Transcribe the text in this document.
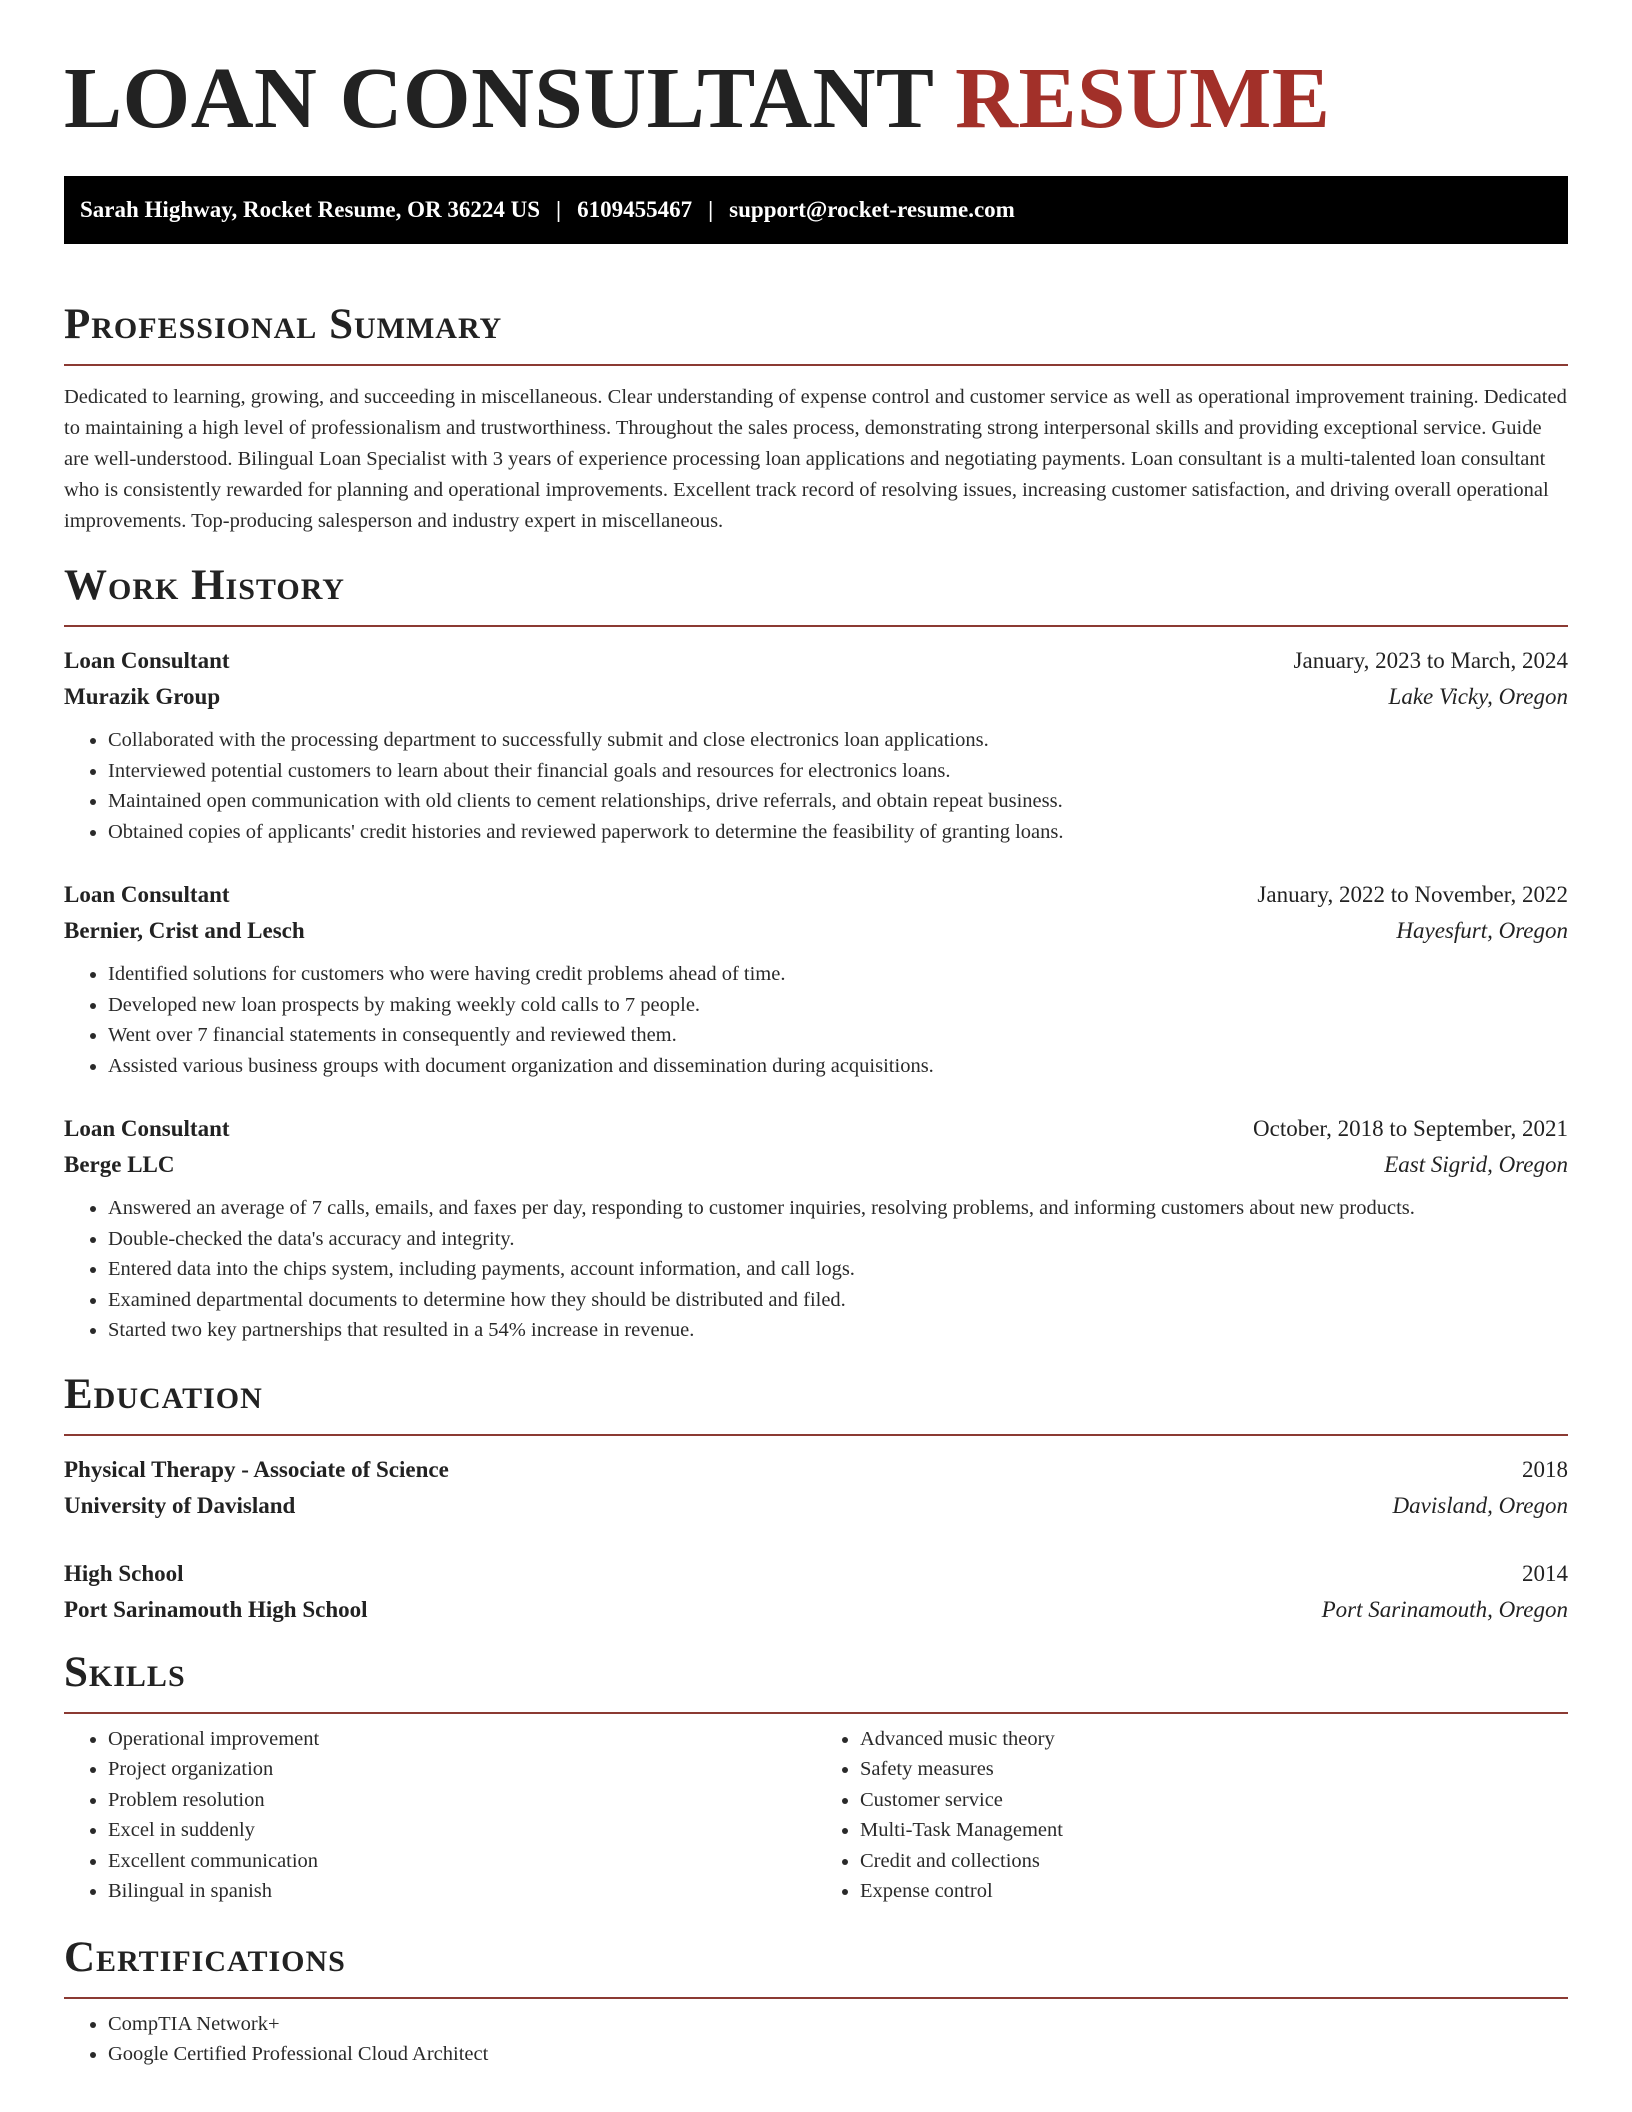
LOAN CONSULTANT RESUME
Sarah Highway, Rocket Resume, OR 36224 US | 6109455467 | support@rocket-resume.com
Professional Summary

Dedicated to learning, growing, and succeeding in miscellaneous. Clear understanding of expense control and customer service as well as operational improvement training. Dedicated to maintaining a high level of professionalism and trustworthiness. Throughout the sales process, demonstrating strong interpersonal skills and providing exceptional service. Guide are well-understood. Bilingual Loan Specialist with 3 years of experience processing loan applications and negotiating payments. Loan consultant is a multi-talented loan consultant who is consistently rewarded for planning and operational improvements. Excellent track record of resolving issues, increasing customer satisfaction, and driving overall operational improvements. Top-producing salesperson and industry expert in miscellaneous.

Work History
Loan Consultant	January, 2023 to March, 2024
Murazik Group	Lake Vicky, Oregon
• Collaborated with the processing department to successfully submit and close electronics loan applications.
• Interviewed potential customers to learn about their financial goals and resources for electronics loans.
• Maintained open communication with old clients to cement relationships, drive referrals, and obtain repeat business.
• Obtained copies of applicants' credit histories and reviewed paperwork to determine the feasibility of granting loans.
Loan Consultant	January, 2022 to November, 2022
Bernier, Crist and Lesch	Hayesfurt, Oregon
• Identified solutions for customers who were having credit problems ahead of time.
• Developed new loan prospects by making weekly cold calls to 7 people.
• Went over 7 financial statements in consequently and reviewed them.
• Assisted various business groups with document organization and dissemination during acquisitions.
Loan Consultant	October, 2018 to September, 2021
Berge LLC	East Sigrid, Oregon
• Answered an average of 7 calls, emails, and faxes per day, responding to customer inquiries, resolving problems, and informing customers about new products.
• Double-checked the data's accuracy and integrity.
• Entered data into the chips system, including payments, account information, and call logs.
• Examined departmental documents to determine how they should be distributed and filed.
• Started two key partnerships that resulted in a 54% increase in revenue.
Education
Physical Therapy - Associate of Science	2018
University of Davisland	Davisland, Oregon
High School	2014
Port Sarinamouth High School	Port Sarinamouth, Oregon
Skills
• Operational improvement
• Project organization
• Problem resolution
• Excel in suddenly
• Excellent communication
• Bilingual in spanish
• Advanced music theory
• Safety measures
• Customer service
• Multi-Task Management
• Credit and collections
• Expense control
Certifications
• CompTIA Network+
• Google Certified Professional Cloud Architect
